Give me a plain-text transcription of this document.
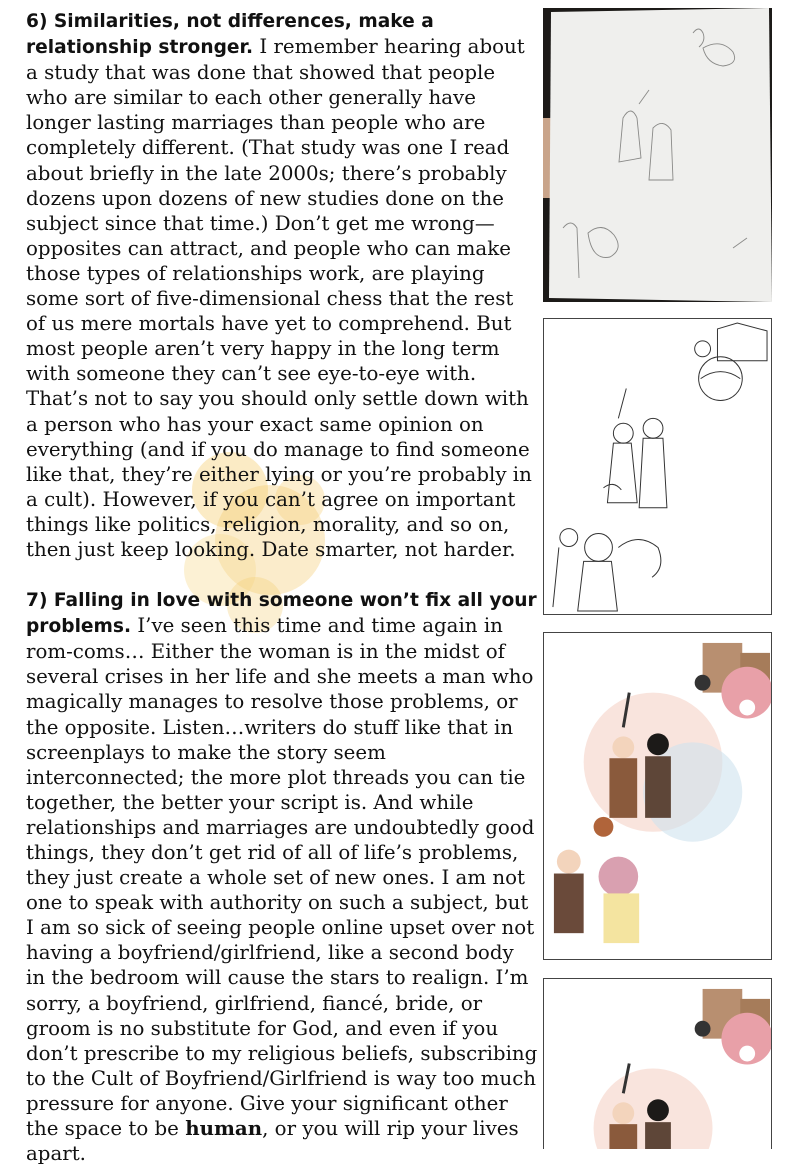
6) Similarities, not differences, make a relationship stronger. I remember hearing about a study that was done that showed that people who are similar to each other generally have longer lasting marriages than people who are completely different. (That study was one I read about briefly in the late 2000s; there’s probably dozens upon dozens of new studies done on the subject since that time.) Don’t get me wrong—opposites can attract, and people who can make those types of relationships work, are playing some sort of five-dimensional chess that the rest of us mere mortals have yet to comprehend. But most people aren’t very happy in the long term with someone they can’t see eye-to-eye with. That’s not to say you should only settle down with a person who has your exact same opinion on everything (and if you do manage to find someone like that, they’re either lying or you’re probably in a cult). However, if you can’t agree on important things like politics, religion, morality, and so on, then just keep looking. Date smarter, not harder.

7) Falling in love with someone won’t fix all your problems. I’ve seen this time and time again in rom-coms… Either the woman is in the midst of several crises in her life and she meets a man who magically manages to resolve those problems, or the opposite. Listen…writers do stuff like that in screenplays to make the story seem interconnected; the more plot threads you can tie together, the better your script is. And while relationships and marriages are undoubtedly good things, they don’t get rid of all of life’s problems, they just create a whole set of new ones. I am not one to speak with authority on such a subject, but I am so sick of seeing people online upset over not having a boyfriend/girlfriend, like a second body in the bedroom will cause the stars to realign. I’m sorry, a boyfriend, girlfriend, fiancé, bride, or groom is no substitute for God, and even if you don’t prescribe to my religious beliefs, subscribing to the Cult of Boyfriend/Girlfriend is way too much pressure for anyone. Give your significant other the space to be human, or you will rip your lives apart.
